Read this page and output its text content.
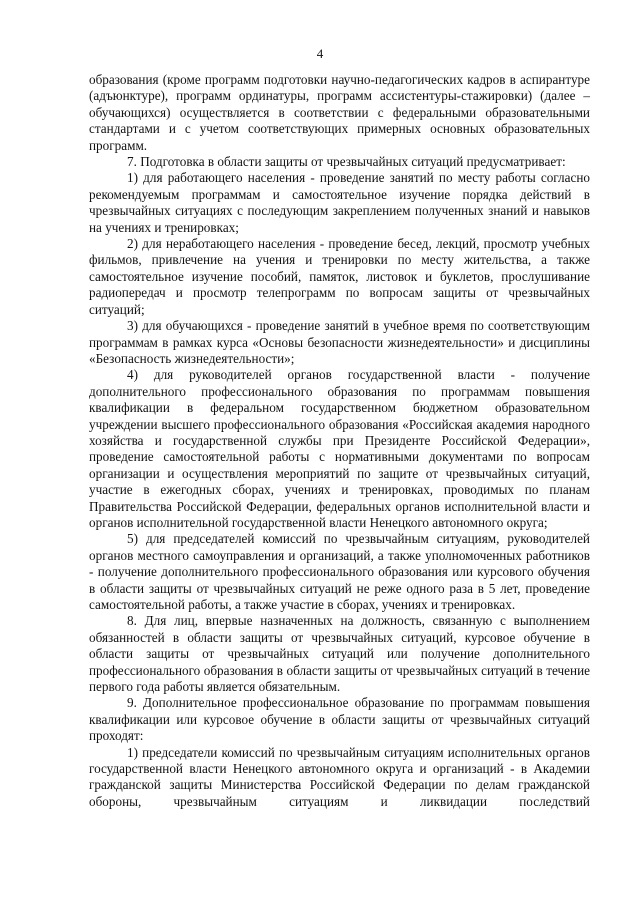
4

образования (кроме программ подготовки научно-педагогических кадров в аспирантуре (адъюнктуре), программ ординатуры, программ ассистентуры-стажировки) (далее – обучающихся) осуществляется в соответствии с федеральными образовательными стандартами и с учетом соответствующих примерных основных образовательных программ.

7. Подготовка в области защиты от чрезвычайных ситуаций предусматривает:

1) для работающего населения - проведение занятий по месту работы согласно рекомендуемым программам и самостоятельное изучение порядка действий в чрезвычайных ситуациях с последующим закреплением полученных знаний и навыков на учениях и тренировках;

2) для неработающего населения - проведение бесед, лекций, просмотр учебных фильмов, привлечение на учения и тренировки по месту жительства, а также самостоятельное изучение пособий, памяток, листовок и буклетов, прослушивание радиопередач и просмотр телепрограмм по вопросам защиты от чрезвычайных ситуаций;

3) для обучающихся - проведение занятий в учебное время по соответствующим программам в рамках курса «Основы безопасности жизнедеятельности» и дисциплины «Безопасность жизнедеятельности»;

4) для руководителей органов государственной власти - получение дополнительного профессионального образования по программам повышения квалификации в федеральном государственном бюджетном образовательном учреждении высшего профессионального образования «Российская академия народного хозяйства и государственной службы при Президенте Российской Федерации», проведение самостоятельной работы с нормативными документами по вопросам организации и осуществления мероприятий по защите от чрезвычайных ситуаций, участие в ежегодных сборах, учениях и тренировках, проводимых по планам Правительства Российской Федерации, федеральных органов исполнительной власти и органов исполнительной государственной власти Ненецкого автономного округа;

5) для председателей комиссий по чрезвычайным ситуациям, руководителей органов местного самоуправления и организаций, а также уполномоченных работников - получение дополнительного профессионального образования или курсового обучения в области защиты от чрезвычайных ситуаций не реже одного раза в 5 лет, проведение самостоятельной работы, а также участие в сборах, учениях и тренировках.

8. Для лиц, впервые назначенных на должность, связанную с выполнением обязанностей в области защиты от чрезвычайных ситуаций, курсовое обучение в области защиты от чрезвычайных ситуаций или получение дополнительного профессионального образования в области защиты от чрезвычайных ситуаций в течение первого года работы является обязательным.

9. Дополнительное профессиональное образование по программам повышения квалификации или курсовое обучение в области защиты от чрезвычайных ситуаций проходят:

1) председатели комиссий по чрезвычайным ситуациям исполнительных органов государственной власти Ненецкого автономного округа и организаций - в Академии гражданской защиты Министерства Российской Федерации по делам гражданской обороны, чрезвычайным ситуациям и ликвидации последствий
